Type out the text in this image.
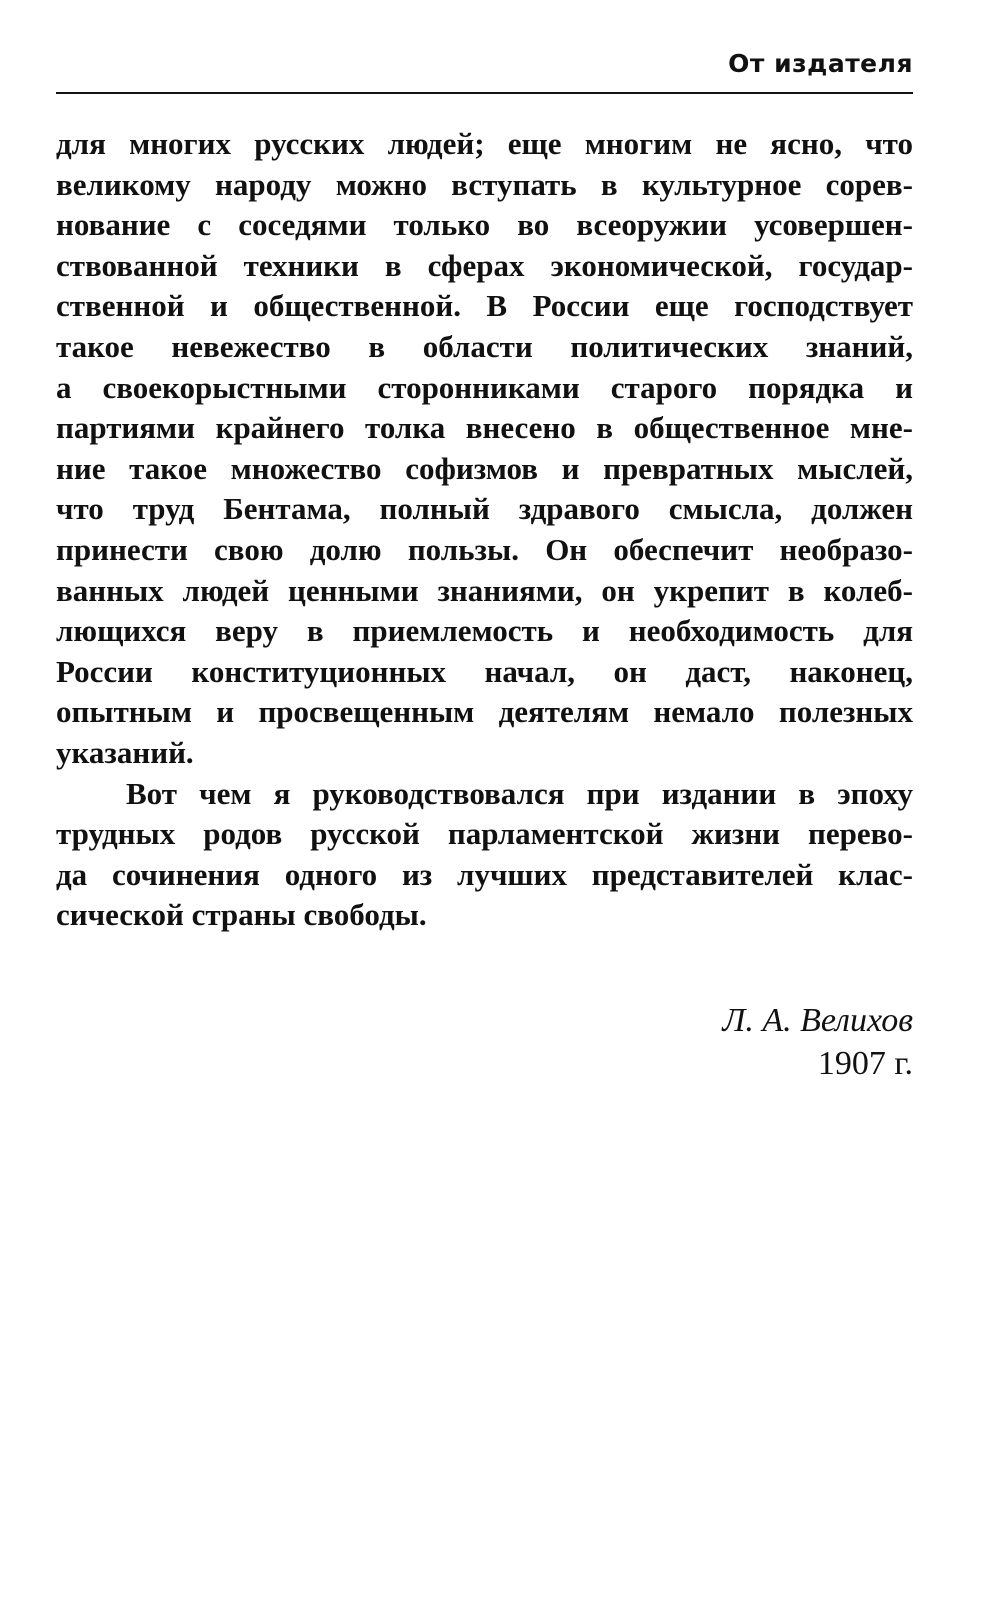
От издателя
для многих русских людей; еще многим не ясно, что
великому народу можно вступать в культурное сорев-
нование с соседями только во всеоружии усовершен-
ствованной техники в сферах экономической, государ-
ственной и общественной. В России еще господствует
такое невежество в области политических знаний,
а своекорыстными сторонниками старого порядка и
партиями крайнего толка внесено в общественное мне-
ние такое множество софизмов и превратных мыслей,
что труд Бентама, полный здравого смысла, должен
принести свою долю пользы. Он обеспечит необразо-
ванных людей ценными знаниями, он укрепит в колеб-
лющихся веру в приемлемость и необходимость для
России конституционных начал, он даст, наконец,
опытным и просвещенным деятелям немало полезных
указаний.
Вот чем я руководствовался при издании в эпоху
трудных родов русской парламентской жизни перево-
да сочинения одного из лучших представителей клас-
сической страны свободы.
Л. А. Велихов
1907 г.
